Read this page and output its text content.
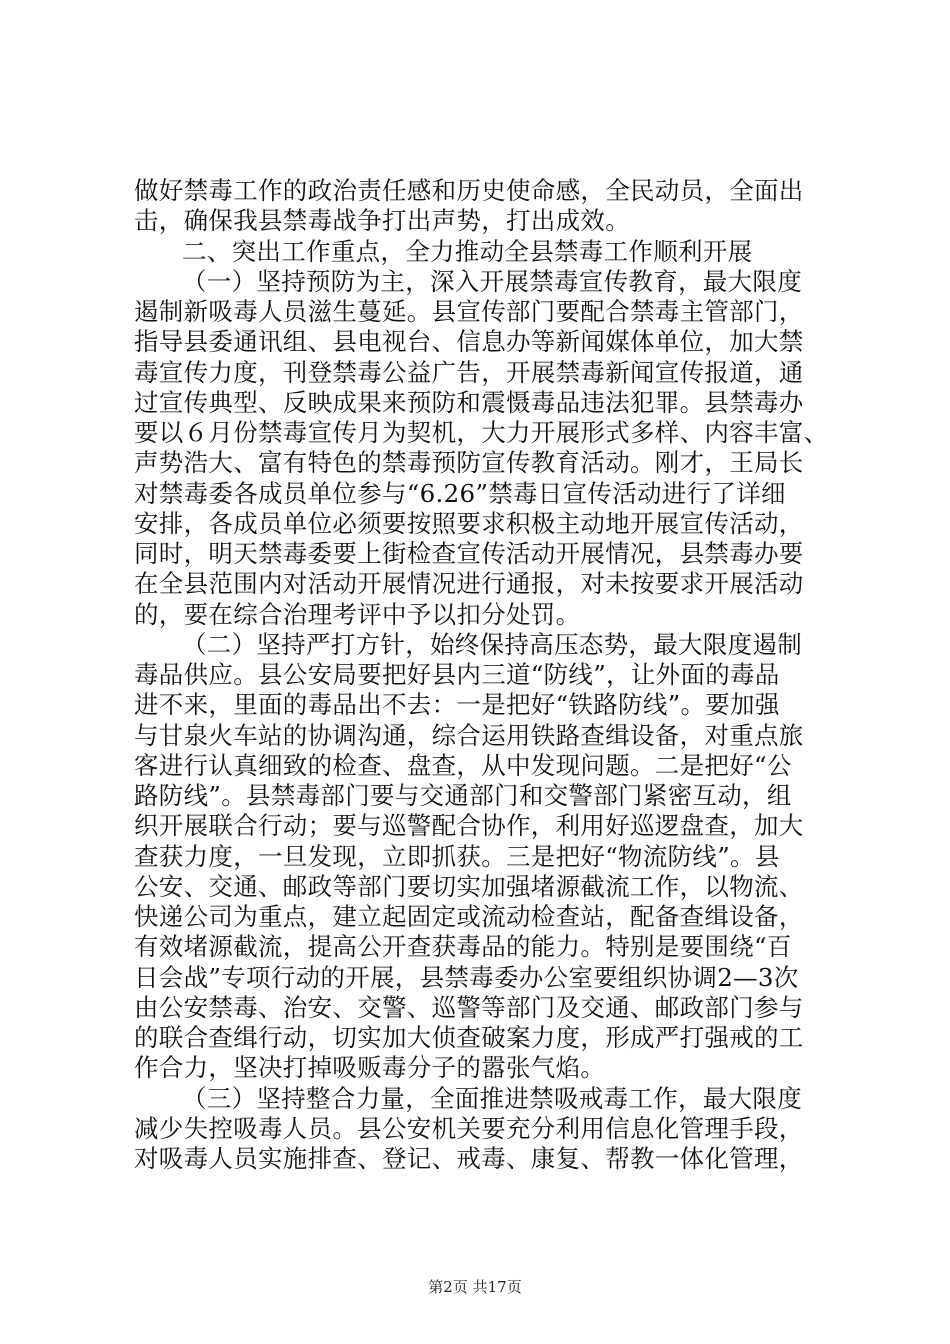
做好禁毒工作的政治责任感和历史使命感，全民动员，全面出
击，确保我县禁毒战争打出声势，打出成效。
二、突出工作重点，全力推动全县禁毒工作顺利开展
（一）坚持预防为主，深入开展禁毒宣传教育，最大限度
遏制新吸毒人员滋生蔓延。县宣传部门要配合禁毒主管部门，
指导县委通讯组、县电视台、信息办等新闻媒体单位，加大禁
毒宣传力度，刊登禁毒公益广告，开展禁毒新闻宣传报道，通
过宣传典型、反映成果来预防和震慑毒品违法犯罪。县禁毒办
要以６月份禁毒宣传月为契机，大力开展形式多样、内容丰富、
声势浩大、富有特色的禁毒预防宣传教育活动。刚才，王局长
对禁毒委各成员单位参与“6.26”禁毒日宣传活动进行了详细
安排，各成员单位必须要按照要求积极主动地开展宣传活动，
同时，明天禁毒委要上街检查宣传活动开展情况，县禁毒办要
在全县范围内对活动开展情况进行通报，对未按要求开展活动
的，要在综合治理考评中予以扣分处罚。
（二）坚持严打方针，始终保持高压态势，最大限度遏制
毒品供应。县公安局要把好县内三道“防线”，让外面的毒品
进不来，里面的毒品出不去：一是把好“铁路防线”。要加强
与甘泉火车站的协调沟通，综合运用铁路查缉设备，对重点旅
客进行认真细致的检查、盘查，从中发现问题。二是把好“公
路防线”。县禁毒部门要与交通部门和交警部门紧密互动，组
织开展联合行动；要与巡警配合协作，利用好巡逻盘查，加大
查获力度，一旦发现，立即抓获。三是把好“物流防线”。县
公安、交通、邮政等部门要切实加强堵源截流工作，以物流、
快递公司为重点，建立起固定或流动检查站，配备查缉设备，
有效堵源截流，提高公开查获毒品的能力。特别是要围绕“百
日会战”专项行动的开展，县禁毒委办公室要组织协调2—3次
由公安禁毒、治安、交警、巡警等部门及交通、邮政部门参与
的联合查缉行动，切实加大侦查破案力度，形成严打强戒的工
作合力，坚决打掉吸贩毒分子的嚣张气焰。
（三）坚持整合力量，全面推进禁吸戒毒工作，最大限度
减少失控吸毒人员。县公安机关要充分利用信息化管理手段，
对吸毒人员实施排查、登记、戒毒、康复、帮教一体化管理，
第2页 共17页
